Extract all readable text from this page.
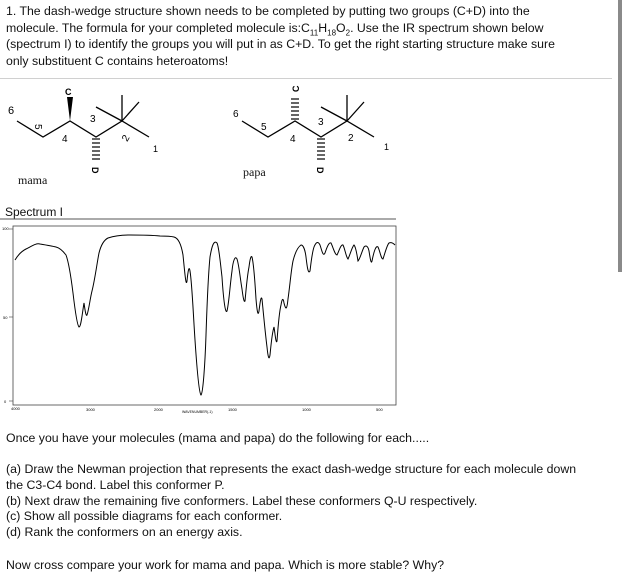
1. The dash-wedge structure shown needs to be completed by putting two groups (C+D) into the

molecule. The formula for your completed molecule $is:C_{11}H_{18}O_2$. Use the IR spectrum shown below

(spectrum I) to identify the groups you will put in as C+D. To get the right starting structure make sure

only substituent C contains heteroatoms!

C
D
6
5
4
3
2
1
C
D
6
5
4
3
2
1
mama
papa
Spectrum I
100
50
0
4000	3000	2000	1500	1000	500
WAVENUMBER(-1)
Once you have your molecules (mama and papa) do the following for each.....

(a) Draw the Newman projection that represents the exact dash-wedge structure for each molecule down

the C3-C4 bond. Label this conformer P.

(b) Next draw the remaining five conformers. Label these conformers Q-U respectively.

(c) Show all possible diagrams for each conformer.

(d) Rank the conformers on an energy axis.

Now cross compare your work for mama and papa. Which is more stable? Why?
